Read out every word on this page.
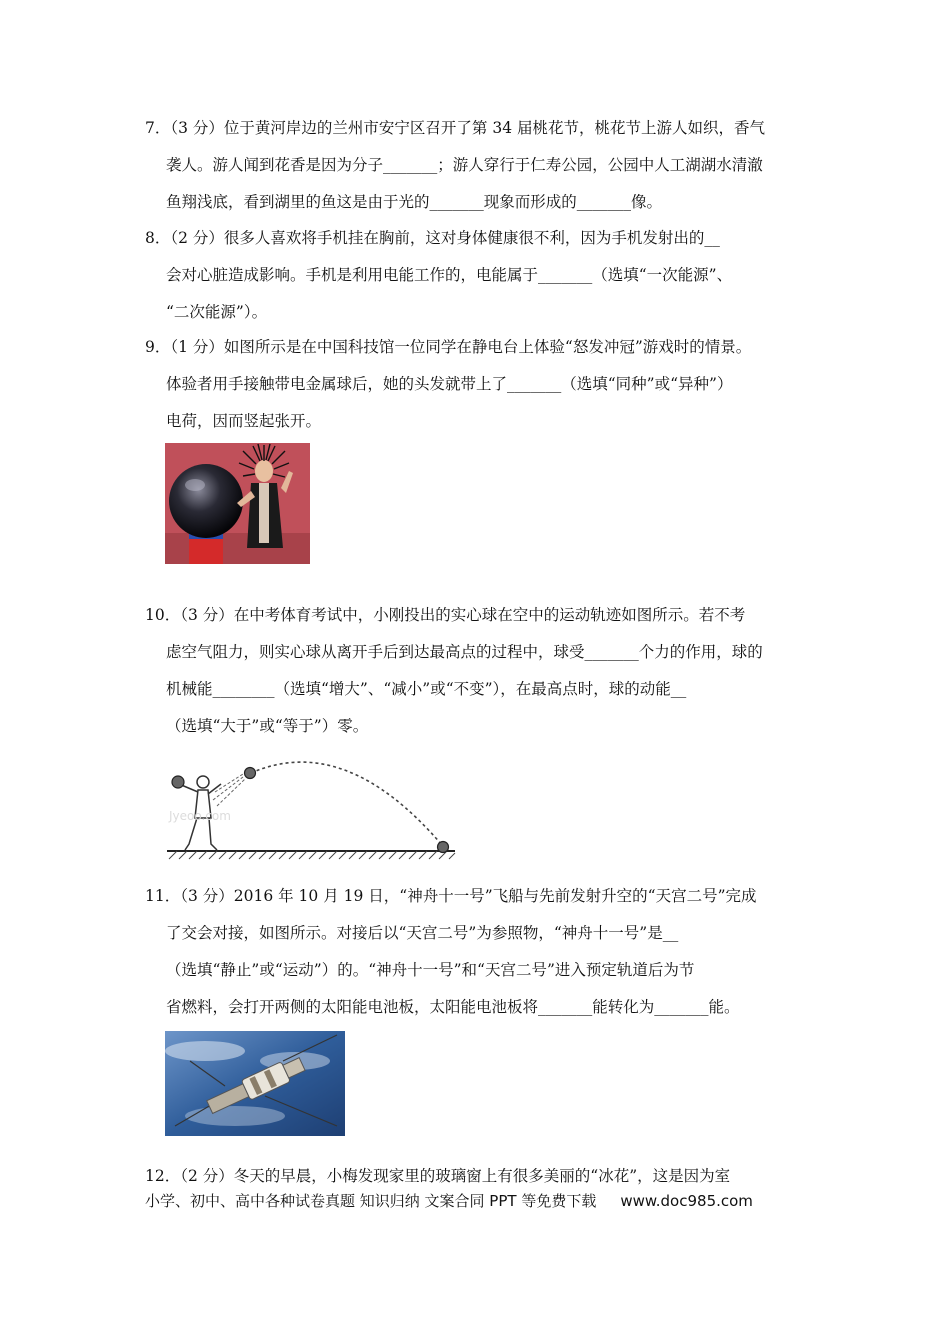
7．（3 分）位于黄河岸边的兰州市安宁区召开了第 34 届桃花节，桃花节上游人如织，香气
袭人。游人闻到花香是因为分子_______；游人穿行于仁寿公园，公园中人工湖湖水清澈
鱼翔浅底，看到湖里的鱼这是由于光的_______现象而形成的_______像。
8．（2 分）很多人喜欢将手机挂在胸前，这对身体健康很不利，因为手机发射出的__
会对心脏造成影响。手机是利用电能工作的，电能属于_______（选填“一次能源”、
“二次能源”）。
9．（1 分）如图所示是在中国科技馆一位同学在静电台上体验“怒发冲冠”游戏时的情景。
体验者用手接触带电金属球后，她的头发就带上了_______（选填“同种”或“异种”）
电荷，因而竖起张开。
10．（3 分）在中考体育考试中，小刚投出的实心球在空中的运动轨迹如图所示。若不考
虑空气阻力，则实心球从离开手后到达最高点的过程中，球受_______个力的作用，球的
机械能________（选填“增大”、“减小”或“不变”），在最高点时，球的动能__
（选填“大于”或“等于”）零。
Jyeoo.com
11．（3 分）2016 年 10 月 19 日，“神舟十一号”飞船与先前发射升空的“天宫二号”完成
了交会对接，如图所示。对接后以“天宫二号”为参照物，“神舟十一号”是__
（选填“静止”或“运动”）的。“神舟十一号”和“天宫二号”进入预定轨道后为节
省燃料，会打开两侧的太阳能电池板，太阳能电池板将_______能转化为_______能。
12．（2 分）冬天的早晨，小梅发现家里的玻璃窗上有很多美丽的“冰花”，这是因为室
小学、初中、高中各种试卷真题 知识归纳 文案合同 PPT 等免费下载 www.doc985.com
